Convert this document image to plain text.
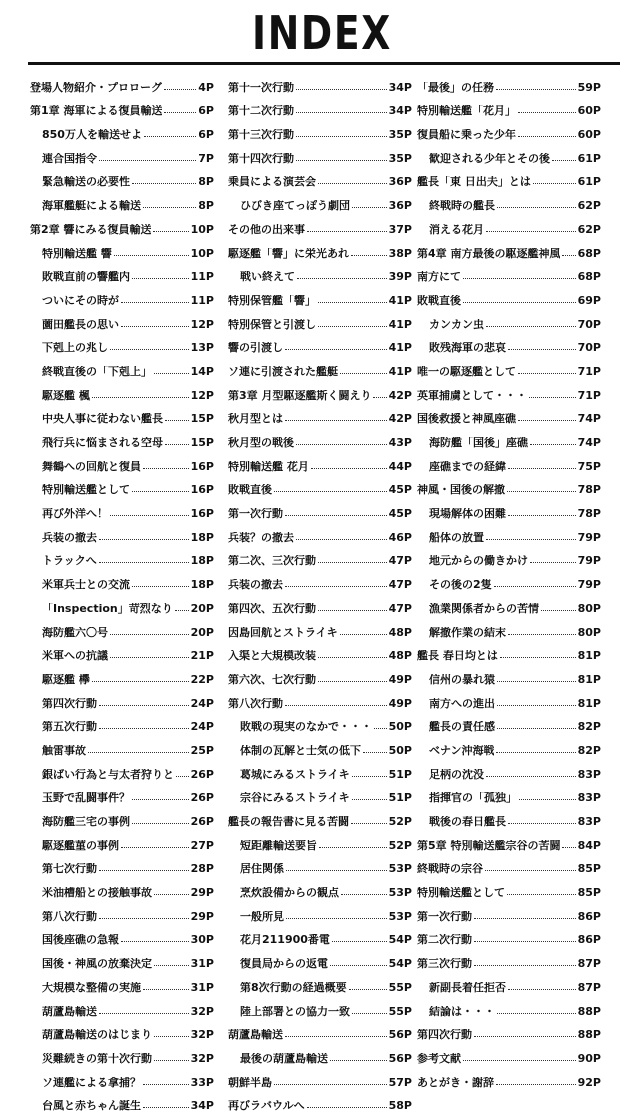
INDEX
登場人物紹介・プロローグ	4P
第1章 海軍による復員輸送	6P
850万人を輸送せよ	6P
連合国指令	7P
緊急輸送の必要性	8P
海軍艦艇による輸送	8P
第2章 響にみる復員輸送	10P
特別輸送艦 響	10P
敗戦直前の響艦内	11P
ついにその時が	11P
薗田艦長の思い	12P
下剋上の兆し	13P
終戦直後の「下剋上」	14P
駆逐艦 楓	12P
中央人事に従わない艦長	15P
飛行兵に悩まされる空母	15P
舞鶴への回航と復員	16P
特別輸送艦として	16P
再び外洋へ！	16P
兵装の撤去	18P
トラックへ	18P
米軍兵士との交流	18P
「Inspection」苛烈なり 20P
海防艦六〇号	20P
米軍への抗議	21P
駆逐艦 欅	22P
第四次行動	24P
第五次行動	24P
触雷事故	25P
銀ばい行為と与太者狩りと 26P
玉野で乱闘事件？	26P
海防艦三宅の事例	26P
駆逐艦菫の事例	27P
第七次行動	28P
米油槽船との接触事故	29P
第八次行動	29P
国後座礁の急報	30P
国後・神風の放棄決定	31P
大規模な整備の実施	31P
葫蘆島輸送	32P
葫蘆島輸送のはじまり	32P
災難続きの第十次行動	32P
ソ連艦による拿捕？	33P
台風と赤ちゃん誕生	34P
第十一次行動	34P
第十二次行動	34P
第十三次行動	35P
第十四次行動	35P
乗員による演芸会	36P
ひびき座てっぽう劇団	36P
その他の出来事	37P
駆逐艦「響」に栄光あれ	38P
戦い終えて	39P
特別保管艦「響」	41P
特別保管と引渡し	41P
響の引渡し	41P
ソ連に引渡された艦艇	41P
第3章 月型駆逐艦斯く闘えり 42P
秋月型とは	42P
秋月型の戦後	43P
特別輸送艦 花月	44P
敗戦直後	45P
第一次行動	45P
兵装？の撤去	46P
第二次、三次行動	47P
兵装の撤去	47P
第四次、五次行動	47P
因島回航とストライキ	48P
入渠と大規模改装	48P
第六次、七次行動	49P
第八次行動	49P
敗戦の現実のなかで・・・ 50P
体制の瓦解と士気の低下	50P
葛城にみるストライキ	51P
宗谷にみるストライキ	51P
艦長の報告書に見る苦闘	52P
短距離輸送要旨	52P
居住関係	53P
烹炊設備からの観点	53P
一般所見	53P
花月211900番電	54P
復員局からの返電	54P
第8次行動の経過概要	55P
陸上部署との協力一致	55P
葫蘆島輸送	56P
最後の葫蘆島輸送	56P
朝鮮半島	57P
再びラバウルへ	58P
「最後」の任務	59P
特別輸送艦「花月」	60P
復員船に乗った少年	60P
歓迎される少年とその後	61P
艦長「東 日出夫」とは	61P
終戦時の艦長	62P
消える花月	62P
第4章 南方最後の駆逐艦神風 68P
南方にて	68P
敗戦直後	69P
カンカン虫	70P
敗残海軍の悲哀	70P
唯一の駆逐艦として	71P
英軍捕虜として・・・	71P
国後救援と神風座礁	74P
海防艦「国後」座礁	74P
座礁までの経緯	75P
神風・国後の解撤	78P
現場解体の困難	78P
船体の放置	79P
地元からの働きかけ	79P
その後の2隻	79P
漁業関係者からの苦情	80P
解撤作業の結末	80P
艦長 春日均とは	81P
信州の暴れ猿	81P
南方への進出	81P
艦長の責任感	82P
ベナン沖海戦	82P
足柄の沈没	83P
指揮官の「孤独」	83P
戦後の春日艦長	83P
第5章 特別輸送艦宗谷の苦闘 84P
終戦時の宗谷	85P
特別輸送艦として	85P
第一次行動	86P
第二次行動	86P
第三次行動	87P
新副長着任拒否	87P
結論は・・・	88P
第四次行動	88P
参考文献	90P
あとがき・謝辞	92P
